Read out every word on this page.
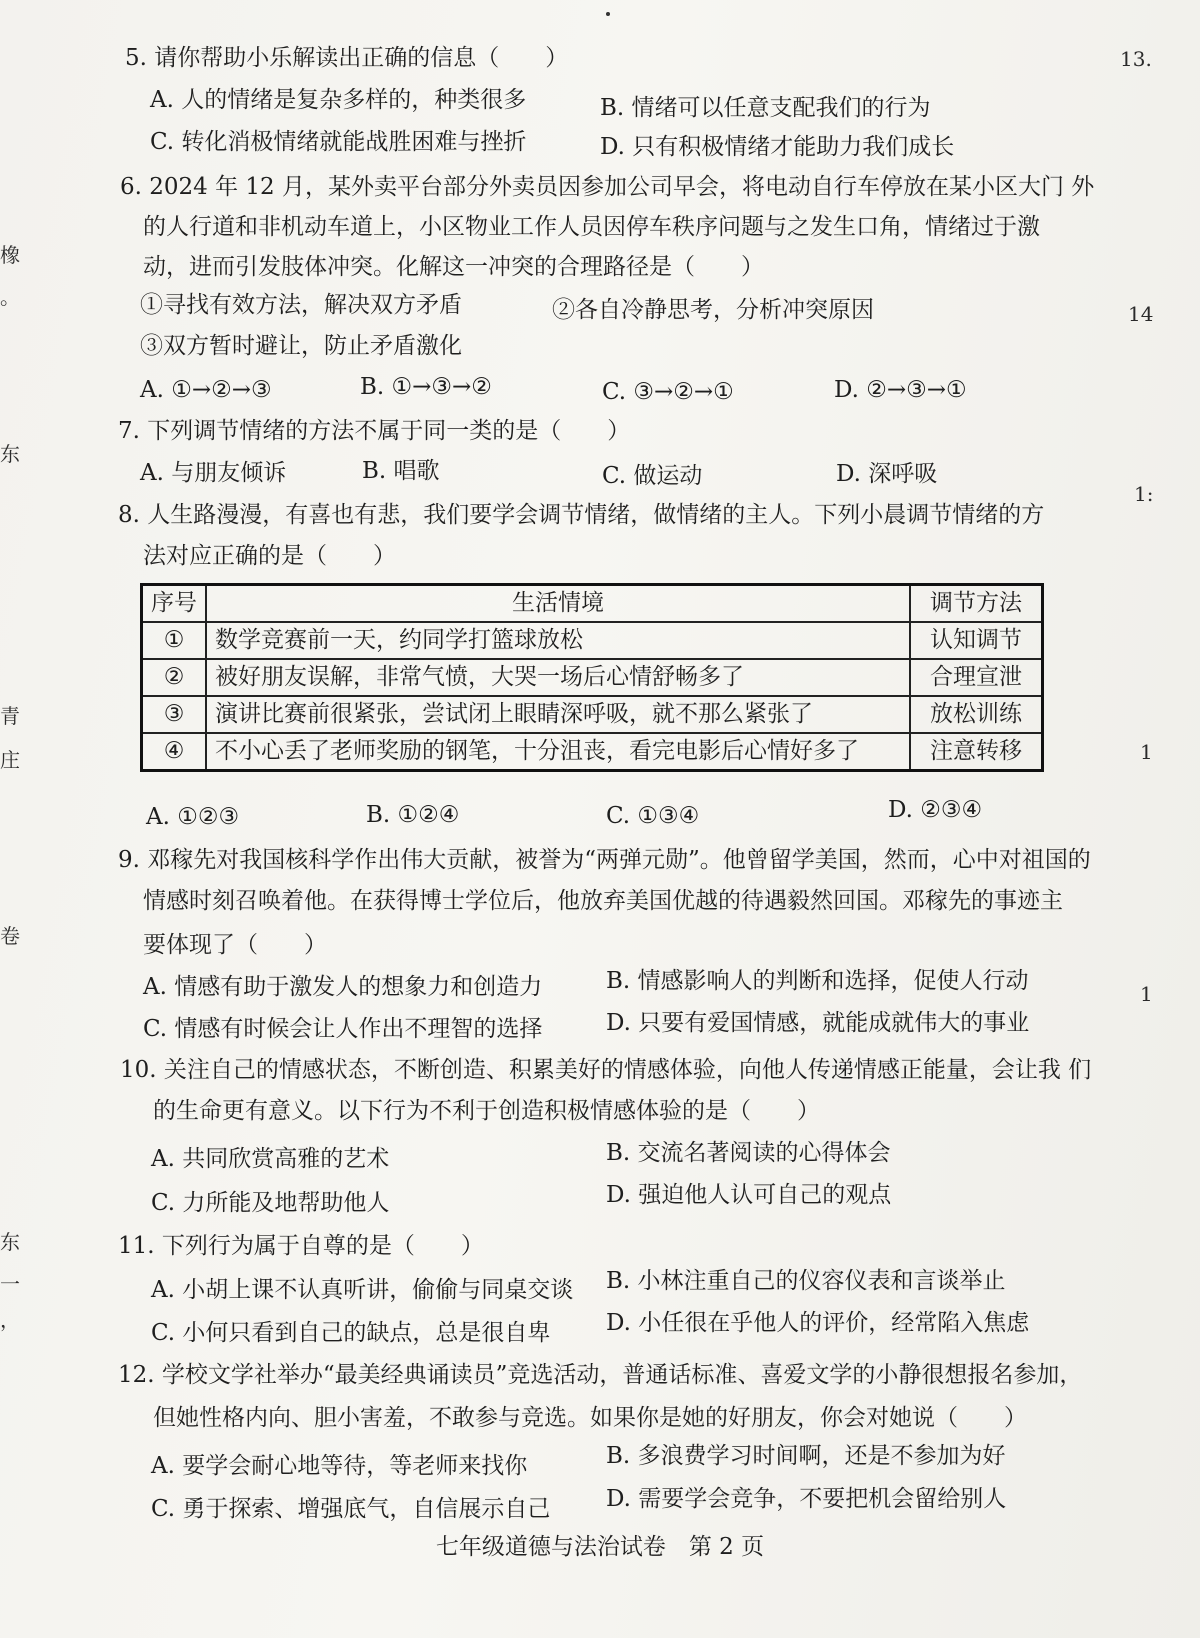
13.
14
1:
1
1
橡
。
东
青
庄
卷
东
一
，
5. 请你帮助小乐解读出正确的信息（　　）
A. 人的情绪是复杂多样的，种类很多	B. 情绪可以任意支配我们的行为
C. 转化消极情绪就能战胜困难与挫折	D. 只有积极情绪才能助力我们成长
6. 2024 年 12 月，某外卖平台部分外卖员因参加公司早会，将电动自行车停放在某小区大门 外
的人行道和非机动车道上，小区物业工作人员因停车秩序问题与之发生口角，情绪过于激
动，进而引发肢体冲突。化解这一冲突的合理路径是（　　）
①寻找有效方法，解决双方矛盾	②各自冷静思考，分析冲突原因
③双方暂时避让，防止矛盾激化
A. ①→②→③	B. ①→③→②	C. ③→②→①	D. ②→③→①
7. 下列调节情绪的方法不属于同一类的是（　　）
A. 与朋友倾诉	B. 唱歌	C. 做运动	D. 深呼吸
8. 人生路漫漫，有喜也有悲，我们要学会调节情绪，做情绪的主人。下列小晨调节情绪的方
法对应正确的是（　　）
序号	生活情境	调节方法
①	数学竞赛前一天，约同学打篮球放松	认知调节
②	被好朋友误解，非常气愤，大哭一场后心情舒畅多了	合理宣泄
③	演讲比赛前很紧张，尝试闭上眼睛深呼吸，就不那么紧张了	放松训练
④	不小心丢了老师奖励的钢笔，十分沮丧，看完电影后心情好多了	注意转移
A. ①②③	B. ①②④	C. ①③④	D. ②③④
9. 邓稼先对我国核科学作出伟大贡献，被誉为“两弹元勋”。他曾留学美国，然而，心中对祖国的
情感时刻召唤着他。在获得博士学位后，他放弃美国优越的待遇毅然回国。邓稼先的事迹主
要体现了（　　）
A. 情感有助于激发人的想象力和创造力	B. 情感影响人的判断和选择，促使人行动
C. 情感有时候会让人作出不理智的选择	D. 只要有爱国情感，就能成就伟大的事业
10. 关注自己的情感状态，不断创造、积累美好的情感体验，向他人传递情感正能量，会让我 们
的生命更有意义。以下行为不利于创造积极情感体验的是（　　）
A. 共同欣赏高雅的艺术	B. 交流名著阅读的心得体会
C. 力所能及地帮助他人	D. 强迫他人认可自己的观点
11. 下列行为属于自尊的是（　　）
A. 小胡上课不认真听讲，偷偷与同桌交谈 B. 小林注重自己的仪容仪表和言谈举止
C. 小何只看到自己的缺点，总是很自卑 D. 小任很在乎他人的评价，经常陷入焦虑
12. 学校文学社举办“最美经典诵读员”竞选活动，普通话标准、喜爱文学的小静很想报名参加，
但她性格内向、胆小害羞，不敢参与竞选。如果你是她的好朋友，你会对她说（　　）
A. 要学会耐心地等待，等老师来找你	B. 多浪费学习时间啊，还是不参加为好
C. 勇于探索、增强底气，自信展示自己 D. 需要学会竞争，不要把机会留给别人
七年级道德与法治试卷　第 2 页
